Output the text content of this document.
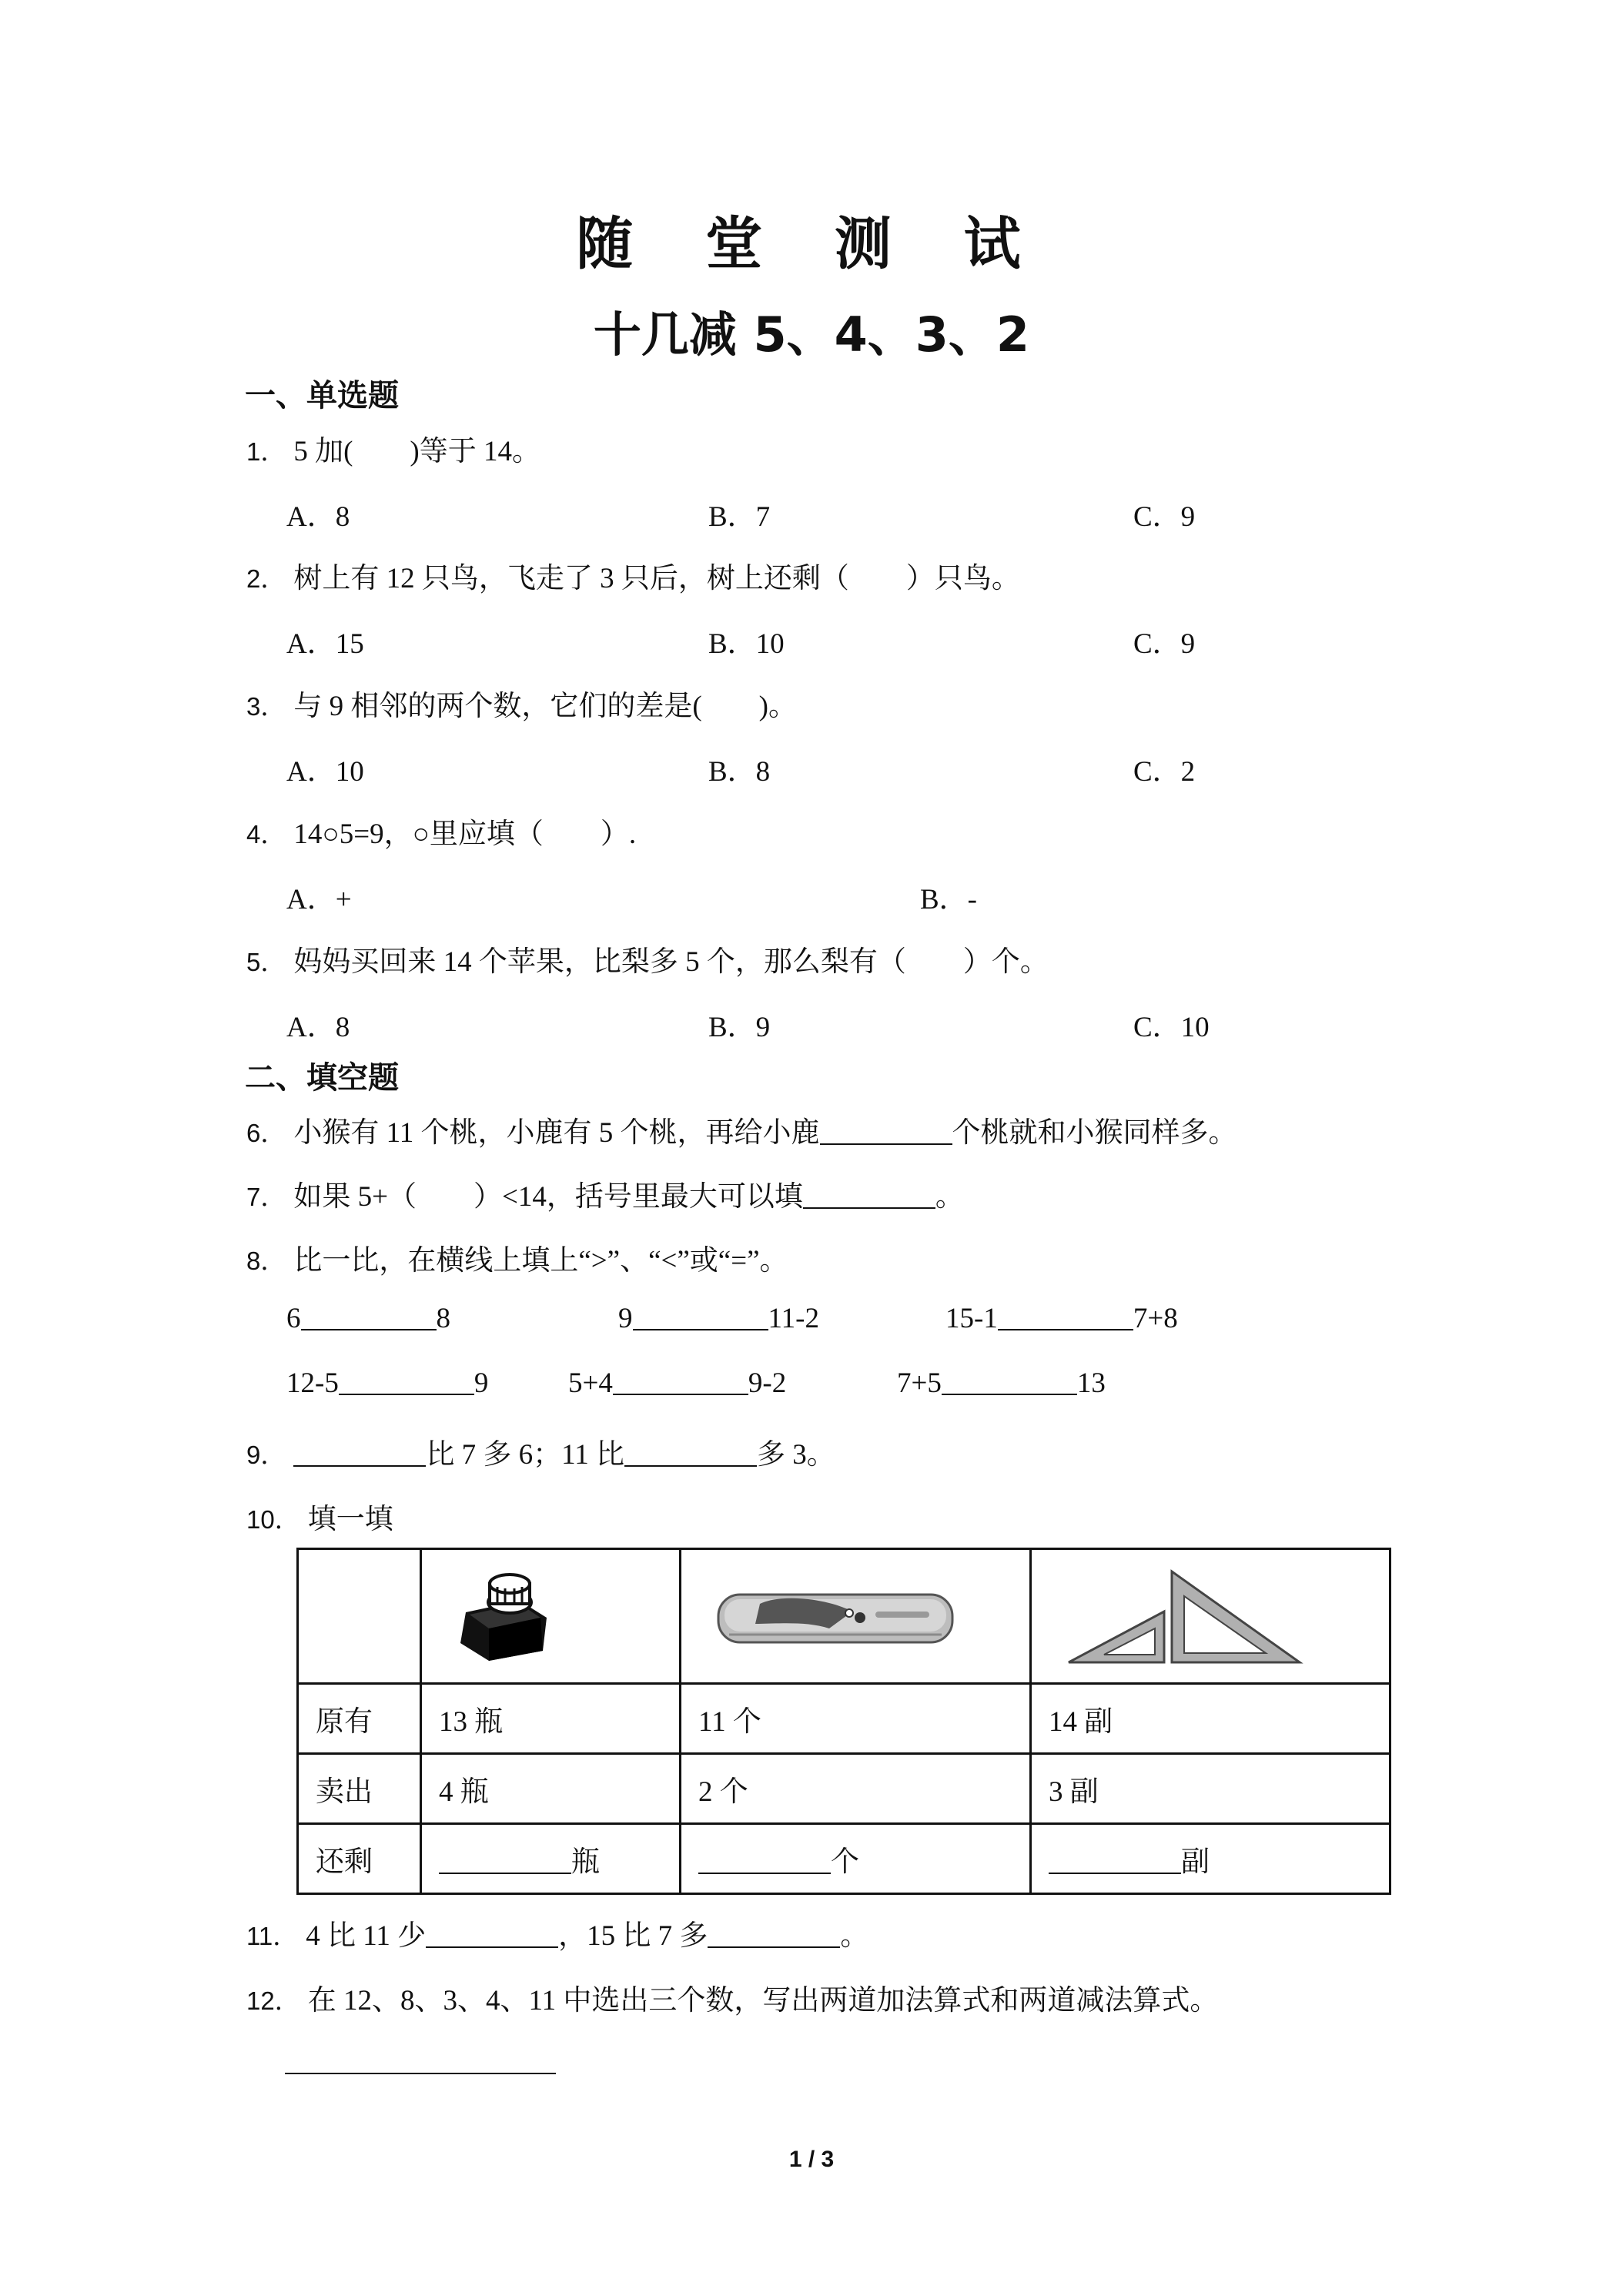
随 堂 测 试
十几减 5、4、3、2
一、单选题
1． 5 加(　　)等于 14。
A．8	B．7	C．9
2． 树上有 12 只鸟，飞走了 3 只后，树上还剩（　　）只鸟。
A．15	B．10	C．9
3． 与 9 相邻的两个数，它们的差是(　　)。
A．10	B．8	C．2
4． 14○5=9，○里应填（　　）.
A．+	B．-
5． 妈妈买回来 14 个苹果，比梨多 5 个，那么梨有（　　）个。
A．8	B．9	C．10
二、填空题
6． 小猴有 11 个桃，小鹿有 5 个桃，再给小鹿	个桃就和小猴同样多。
7． 如果 5+（　　）<14，括号里最大可以填	。
8． 比一比，在横线上填上“>”、“<”或“=”。
6	8	9	11-2	15-1	7+8
12-5	9	5+4	9-2	7+5	13
9．	比 7 多 6；11 比	多 3。
10． 填一填

原有	13 瓶	11 个	14 副
卖出	4 瓶	2 个	3 副
还剩	瓶	个	副
11． 4 比 11 少	，15 比 7 多	。
12． 在 12、8、3、4、11 中选出三个数，写出两道加法算式和两道减法算式。
1 / 3
